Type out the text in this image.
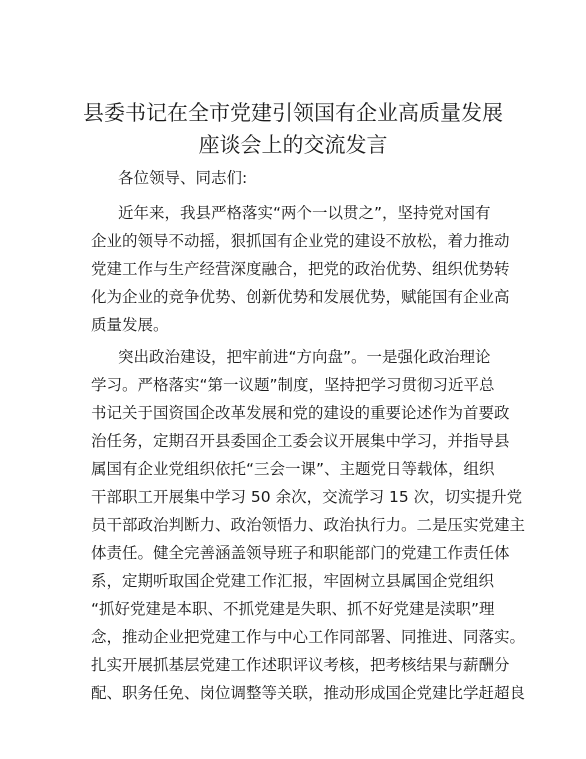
县委书记在全市党建引领国有企业高质量发展
座谈会上的交流发言

各位领导、同志们:

近年来，我县严格落实“两个一以贯之”，坚持党对国有

企业的领导不动摇，狠抓国有企业党的建设不放松，着力推动

党建工作与生产经营深度融合，把党的政治优势、组织优势转

化为企业的竞争优势、创新优势和发展优势，赋能国有企业高

质量发展。

突出政治建设，把牢前进“方向盘”。一是强化政治理论

学习。严格落实“第一议题”制度，坚持把学习贯彻习近平总

书记关于国资国企改革发展和党的建设的重要论述作为首要政

治任务，定期召开县委国企工委会议开展集中学习，并指导县

属国有企业党组织依托“三会一课”、主题党日等载体，组织

干部职工开展集中学习 50 余次，交流学习 15 次，切实提升党

员干部政治判断力、政治领悟力、政治执行力。二是压实党建主

体责任。健全完善涵盖领导班子和职能部门的党建工作责任体

系，定期听取国企党建工作汇报，牢固树立县属国企党组织

“抓好党建是本职、不抓党建是失职、抓不好党建是渎职”理

念，推动企业把党建工作与中心工作同部署、同推进、同落实。

扎实开展抓基层党建工作述职评议考核，把考核结果与薪酬分

配、职务任免、岗位调整等关联，推动形成国企党建比学赶超良
